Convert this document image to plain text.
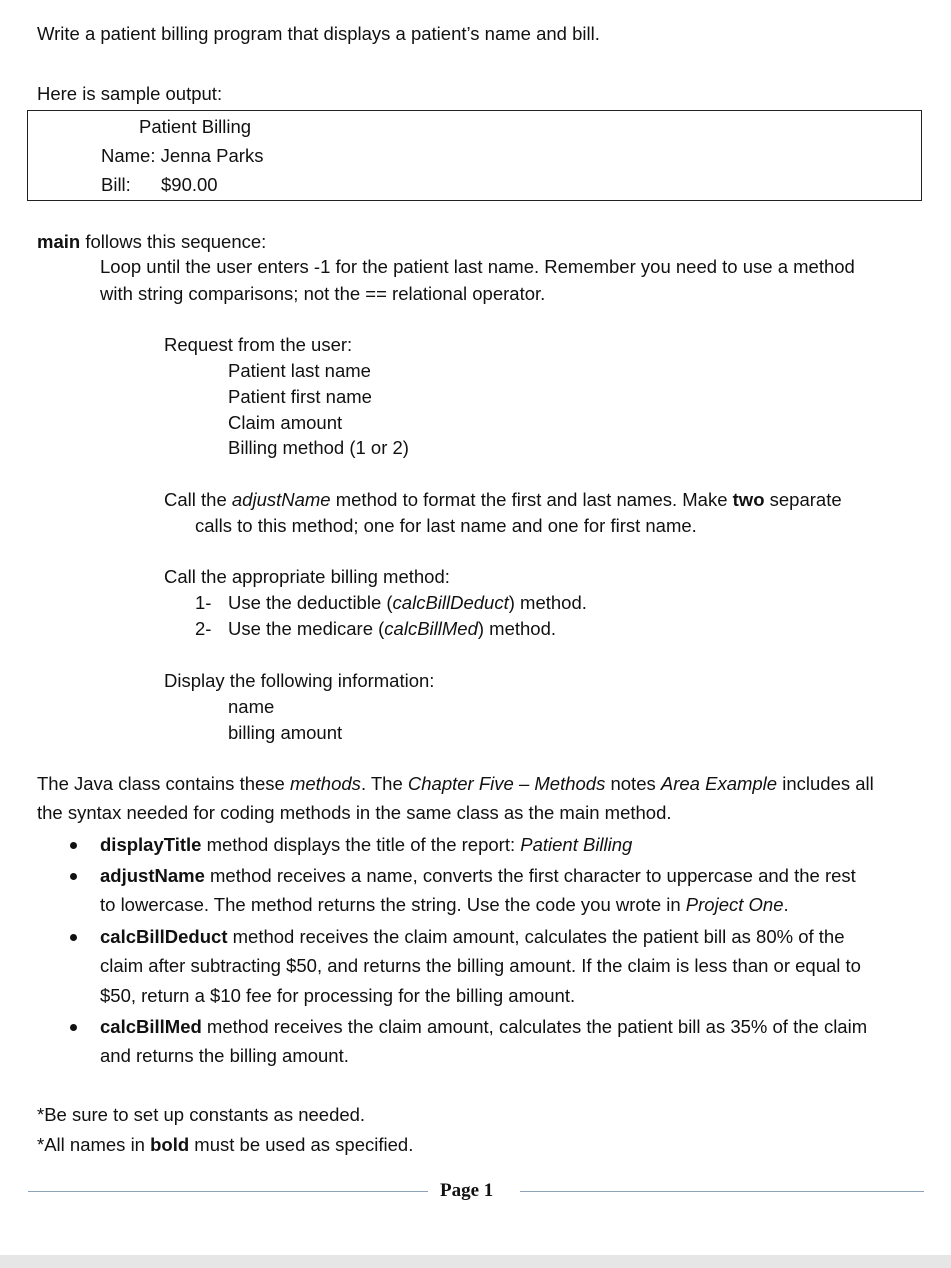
Write a patient billing program that displays a patient’s name and bill.
Here is sample output:
Patient Billing
Name: Jenna Parks
Bill: $90.00
main follows this sequence:
Loop until the user enters -1 for the patient last name. Remember you need to use a method
with string comparisons; not the == relational operator.
Request from the user:
Patient last name
Patient first name
Claim amount
Billing method (1 or 2)
Call the adjustName method to format the first and last names. Make two separate
calls to this method; one for last name and one for first name.
Call the appropriate billing method:
1- Use the deductible (calcBillDeduct) method.
2- Use the medicare (calcBillMed) method.
Display the following information:
name
billing amount
The Java class contains these methods. The Chapter Five – Methods notes Area Example includes all
the syntax needed for coding methods in the same class as the main method.
displayTitle method displays the title of the report: Patient Billing
adjustName method receives a name, converts the first character to uppercase and the rest
to lowercase. The method returns the string. Use the code you wrote in Project One.
calcBillDeduct method receives the claim amount, calculates the patient bill as 80% of the
claim after subtracting $50, and returns the billing amount. If the claim is less than or equal to
$50, return a $10 fee for processing for the billing amount.
calcBillMed method receives the claim amount, calculates the patient bill as 35% of the claim
and returns the billing amount.
*Be sure to set up constants as needed.
*All names in bold must be used as specified.
Page 1
